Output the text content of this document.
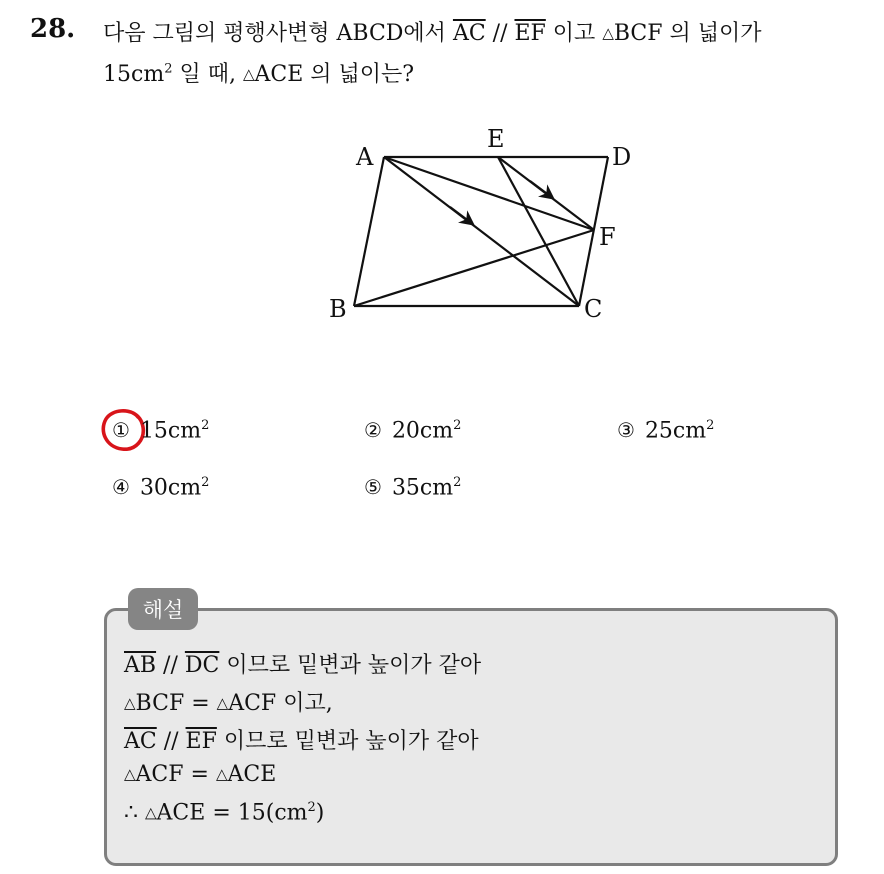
28. 다음 그림의 평행사변형 ABCD에서 $\overline{AC} // \overline{EF}$ 이고 △BCF 의 넓이가
$15cm^2$ 일 때, △ACE 의 넓이는?
A
E
D
F
B	C
① $15cm^2$	② $20cm^2$	③ $25cm^2$
④ $30cm^2$	⑤ $35cm^2$
해설
$\overline{AB} // \overline{DC}$ 이므로 밑변과 높이가 같아
△BCF = △ACF 이고,
$\overline{AC} // \overline{EF}$ 이므로 밑변과 높이가 같아
△ACF = △ACE
∴ △ACE = $15(cm^2)$
